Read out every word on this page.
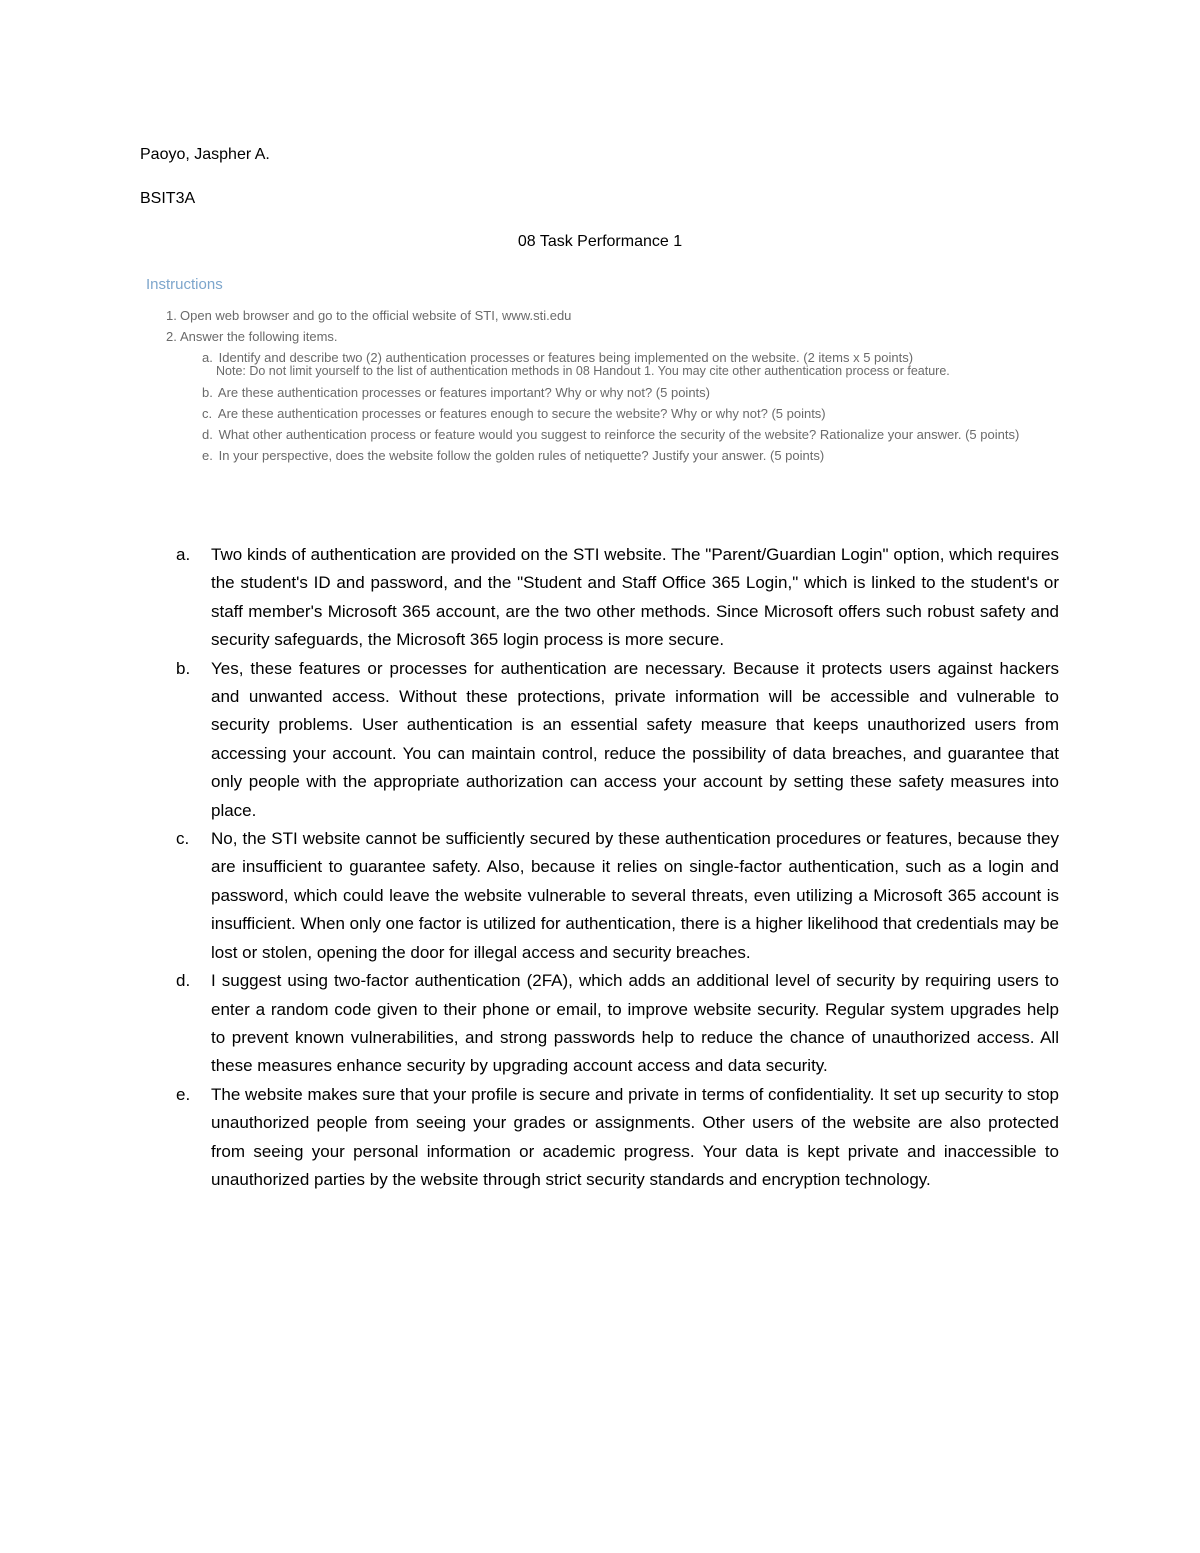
Paoyo, Jaspher A.
BSIT3A
08 Task Performance 1
Instructions
1. Open web browser and go to the official website of STI, www.sti.edu
2. Answer the following items.
a. Identify and describe two (2) authentication processes or features being implemented on the website. (2 items x 5 points)
Note: Do not limit yourself to the list of authentication methods in 08 Handout 1. You may cite other authentication process or feature.
b. Are these authentication processes or features important? Why or why not? (5 points)
c. Are these authentication processes or features enough to secure the website? Why or why not? (5 points)
d. What other authentication process or feature would you suggest to reinforce the security of the website? Rationalize your answer. (5 points)
e. In your perspective, does the website follow the golden rules of netiquette? Justify your answer. (5 points)
a. Two kinds of authentication are provided on the STI website. The "Parent/Guardian Login" option, which requires the student's ID and password, and the "Student and Staff Office 365 Login," which is linked to the student's or staff member's Microsoft 365 account, are the two other methods. Since Microsoft offers such robust safety and security safeguards, the Microsoft 365 login process is more secure.
b. Yes, these features or processes for authentication are necessary. Because it protects users against hackers and unwanted access. Without these protections, private information will be accessible and vulnerable to security problems. User authentication is an essential safety measure that keeps unauthorized users from accessing your account. You can maintain control, reduce the possibility of data breaches, and guarantee that only people with the appropriate authorization can access your account by setting these safety measures into place.
c. No, the STI website cannot be sufficiently secured by these authentication procedures or features, because they are insufficient to guarantee safety. Also, because it relies on single-factor authentication, such as a login and password, which could leave the website vulnerable to several threats, even utilizing a Microsoft 365 account is insufficient. When only one factor is utilized for authentication, there is a higher likelihood that credentials may be lost or stolen, opening the door for illegal access and security breaches.
d. I suggest using two-factor authentication (2FA), which adds an additional level of security by requiring users to enter a random code given to their phone or email, to improve website security. Regular system upgrades help to prevent known vulnerabilities, and strong passwords help to reduce the chance of unauthorized access. All these measures enhance security by upgrading account access and data security.
e. The website makes sure that your profile is secure and private in terms of confidentiality. It set up security to stop unauthorized people from seeing your grades or assignments. Other users of the website are also protected from seeing your personal information or academic progress. Your data is kept private and inaccessible to unauthorized parties by the website through strict security standards and encryption technology.
